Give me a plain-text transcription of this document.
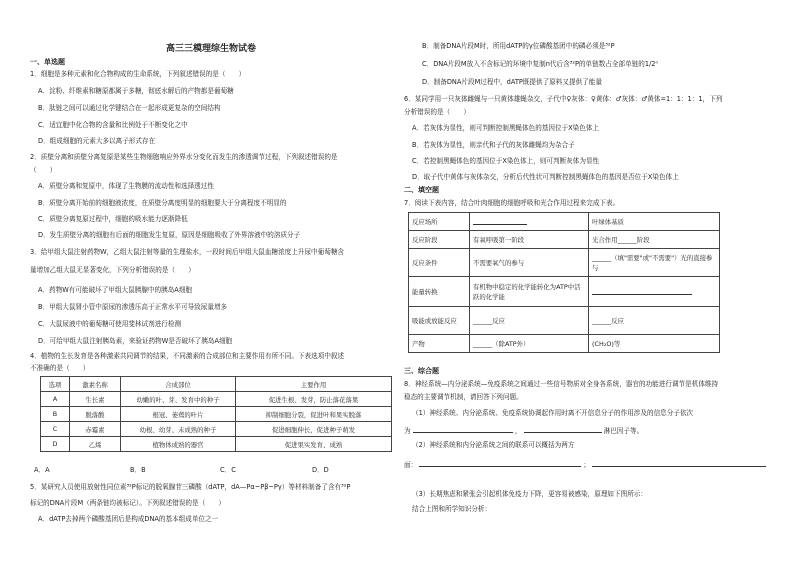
高三三模理综生物试卷
一、单选题
1．细胞是多种元素和化合物构成的生命系统，下列叙述错误的是（　　）
A．淀粉、纤维素和糖原都属于多糖，彻底水解后的产物都是葡萄糖
B．肽链之间可以通过化学键结合在一起形成更复杂的空间结构
C．适宜胞中化合物的含量和比例处于不断变化之中
D．组成细胞的元素大多以离子形式存在
2．质壁分离和质壁分离复原是某些生物细胞响应外界水分变化而发生的渗透调节过程，下列叙述错误的是
（　　）
A．质壁分离和复原中，体现了生物膜的流动性和选择透过性
B．质壁分离开始前的细胞液浓度，在质壁分离度明显的细胞要大于分离程度不明显的
C．质壁分离复原过程中，细胞的吸水能力逐渐降低
D．发生质壁分离的细胞有后面的细胞发生复原，原因是细胞吸收了外界溶液中的溶质分子
3．给甲组大鼠注射药物W，乙组大鼠注射等量的生理盐水，一段时间后甲组大鼠血糖浓度上升尿中葡萄糖含
量增加乙组大鼠无显著变化，下列分析错误的是（　　）
A．药物W有可能破坏了甲组大鼠胰腺中的胰岛A细胞
B．甲组大鼠肾小管中原尿的渗透压高于正常水平可导致尿量增多
C．大鼠尿液中的葡萄糖可使用斐林试剂进行检测
D．可给甲组大鼠注射胰岛素，来验证药物W是否破坏了胰岛A细胞
4．植物的生长发育是各种激素共同调节的结果，不同激素的合成部位和主要作用有所不同。下表选项中叙述
不准确的是（　　）
选项	激素名称	合成部位	主要作用
A	生长素	幼嫩的叶、芽、发育中的种子	促进生根、发芽，防止落花落果
B	脱落酸	根冠、萎蔫的叶片	抑制细胞分裂，促进叶和果实脱落
C	赤霉素	幼根、幼芽、未成熟的种子	促进细胞伸长，促进种子萌发
D	乙烯	植物体成熟的器官	促进果实发育、成熟
A．A	B．B	C．C	D．D
5．某研究人员使用放射性同位素³²P标记的脱氧腺苷三磷酸（dATP，dA—Pα~Pβ~Pγ）等材料制备了含有³²P
标记的DNA片段M（两条链均被标记）。下列叙述错误的是（　　）
A．dATP去掉两个磷酸基团后是构成DNA的基本组成单位之一
B．制备DNA片段M时，所用dATP的γ位磷酸基团中的磷必须是³²P
C．DNA片段M放入不含标记的环境中复制n代后含³²P的单链数占全部单链的1/2ⁿ
D．制备DNA片段M过程中，dATP既提供了原料又提供了能量
6．某同学用一只灰体雌蝇与一只黄体雄蝇杂交，子代中♀灰体：♀黄体：♂灰体：♂黄体=1：1：1：1，下列
分析错误的是（　　）
A．若灰体为显性，则可判断控制黑蝇体色的基因位于X染色体上
B．若灰体为显性，则亲代和子代的灰体雌蝇均为杂合子
C．若控制黑蝇体色的基因位于X染色体上，则可判断灰体为显性
D．取子代中黄体与灰体杂交，分析后代性状可判断控制黑蝇体色的基因是否位于X染色体上
二、填空题
7．阅读下表内容，结合叶肉细胞的细胞呼吸和光合作用过程来完成下表。
反应场所		叶绿体基质
反应阶段	有氧呼吸第一阶段	光合作用______阶段
反应条件	不需要氧气的参与	______（填"需要"或"不需要"）光的直接参与
能量转换	有机物中稳定的化学能转化为ATP中活跃的化学能	
吸能或放能反应	______反应	______反应
产物	______（除ATP外）	(CH₂O)等
三、综合题
8．神经系统—内分泌系统—免疫系统之间通过一些信号物质对全身各系统，器官的功能进行调节是机体维持
稳态的主要调节机制，请回答下列问题。
（1）神经系统、内分泌系统、免疫系统协调起作用时离不开信息分子的作用涉及的信息分子依次
为	，	淋巴因子等。
（2）神经系统和内分泌系统之间的联系可以概括为两方
面：	；
（3）长期焦虑和紧张会引起机体免疫力下降，更容易被感染，原理如下图所示：
结合上图和所学知识分析：
